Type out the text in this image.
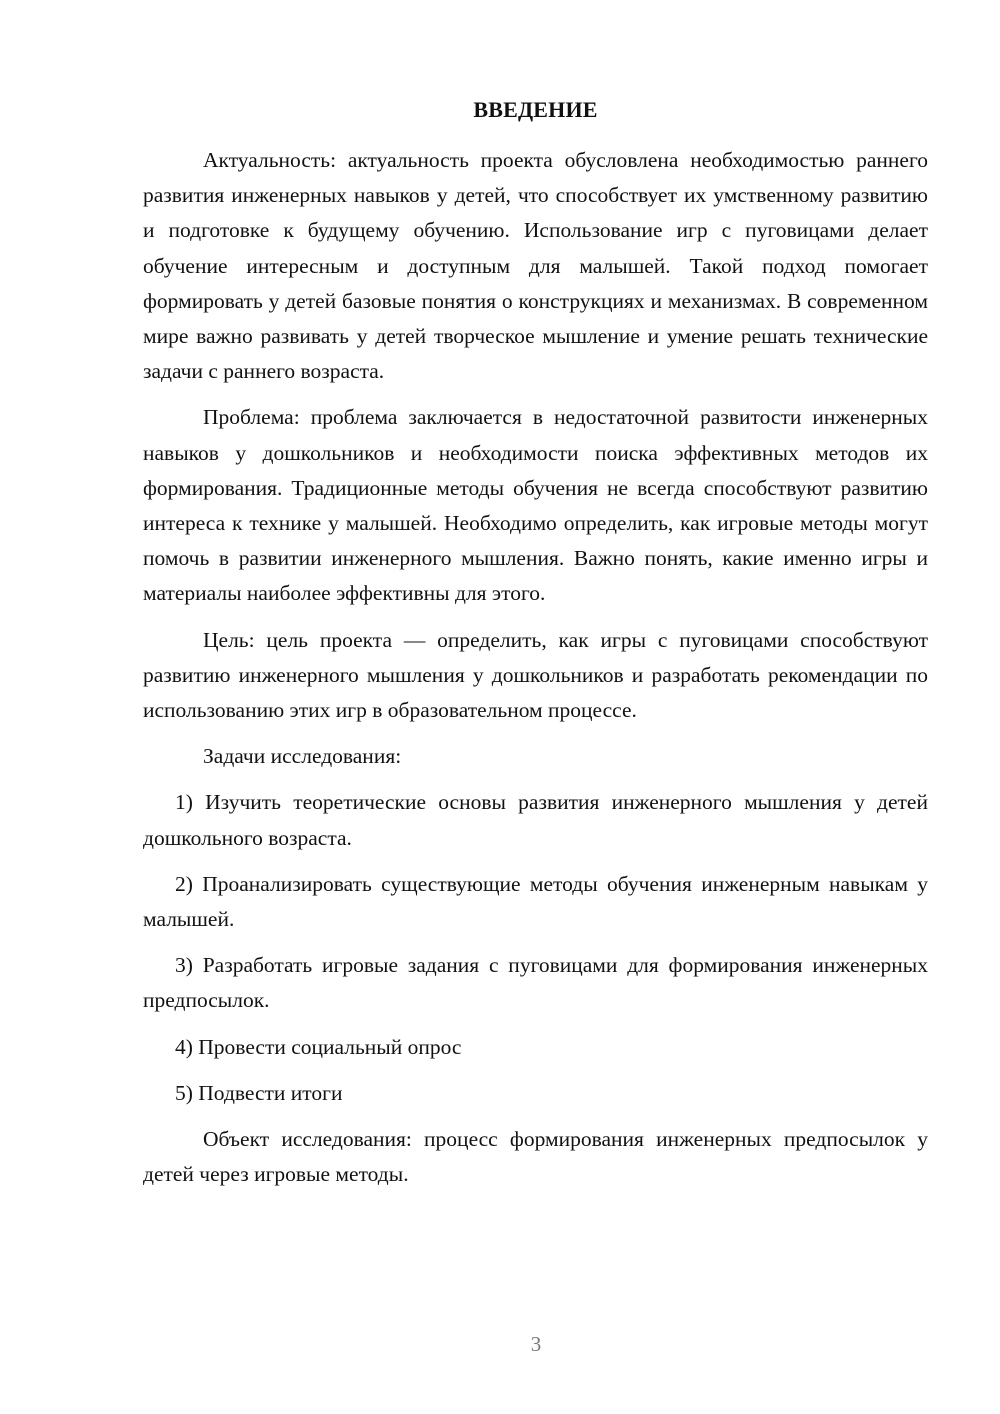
ВВЕДЕНИЕ

Актуальность: актуальность проекта обусловлена необходимостью раннего развития инженерных навыков у детей, что способствует их умственному развитию и подготовке к будущему обучению. Использование игр с пуговицами делает обучение интересным и доступным для малышей. Такой подход помогает формировать у детей базовые понятия о конструкциях и механизмах. В современном мире важно развивать у детей творческое мышление и умение решать технические задачи с раннего возраста.

Проблема: проблема заключается в недостаточной развитости инженерных навыков у дошкольников и необходимости поиска эффективных методов их формирования. Традиционные методы обучения не всегда способствуют развитию интереса к технике у малышей. Необходимо определить, как игровые методы могут помочь в развитии инженерного мышления. Важно понять, какие именно игры и материалы наиболее эффективны для этого.

Цель: цель проекта — определить, как игры с пуговицами способствуют развитию инженерного мышления у дошкольников и разработать рекомендации по использованию этих игр в образовательном процессе.

Задачи исследования:

1) Изучить теоретические основы развития инженерного мышления у детей дошкольного возраста.

2) Проанализировать существующие методы обучения инженерным навыкам у малышей.

3) Разработать игровые задания с пуговицами для формирования инженерных предпосылок.

4) Провести социальный опрос

5) Подвести итоги

Объект исследования: процесс формирования инженерных предпосылок у детей через игровые методы.

3
